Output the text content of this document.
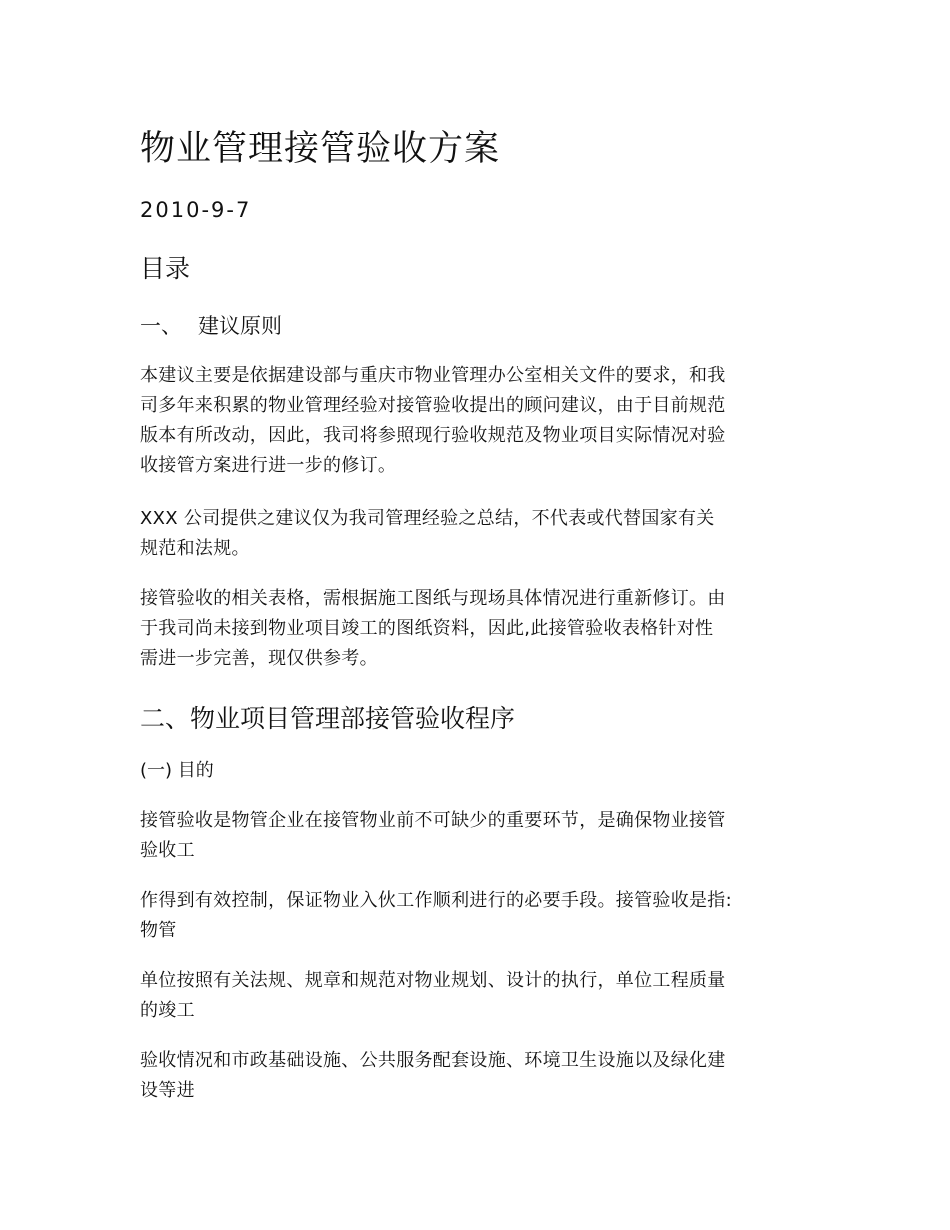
物业管理接管验收方案
2010-9-7
目录
一、 建议原则

本建议主要是依据建设部与重庆市物业管理办公室相关文件的要求，和我
司多年来积累的物业管理经验对接管验收提出的顾问建议，由于目前规范
版本有所改动，因此，我司将参照现行验收规范及物业项目实际情况对验
收接管方案进行进一步的修订。

XXX 公司提供之建议仅为我司管理经验之总结，不代表或代替国家有关
规范和法规。

接管验收的相关表格，需根据施工图纸与现场具体情况进行重新修订。由
于我司尚未接到物业项目竣工的图纸资料，因此,此接管验收表格针对性
需进一步完善，现仅供参考。

二、物业项目管理部接管验收程序
(一) 目的

接管验收是物管企业在接管物业前不可缺少的重要环节，是确保物业接管
验收工

作得到有效控制，保证物业入伙工作顺利进行的必要手段。接管验收是指:
物管

单位按照有关法规、规章和规范对物业规划、设计的执行，单位工程质量
的竣工

验收情况和市政基础设施、公共服务配套设施、环境卫生设施以及绿化建
设等进
